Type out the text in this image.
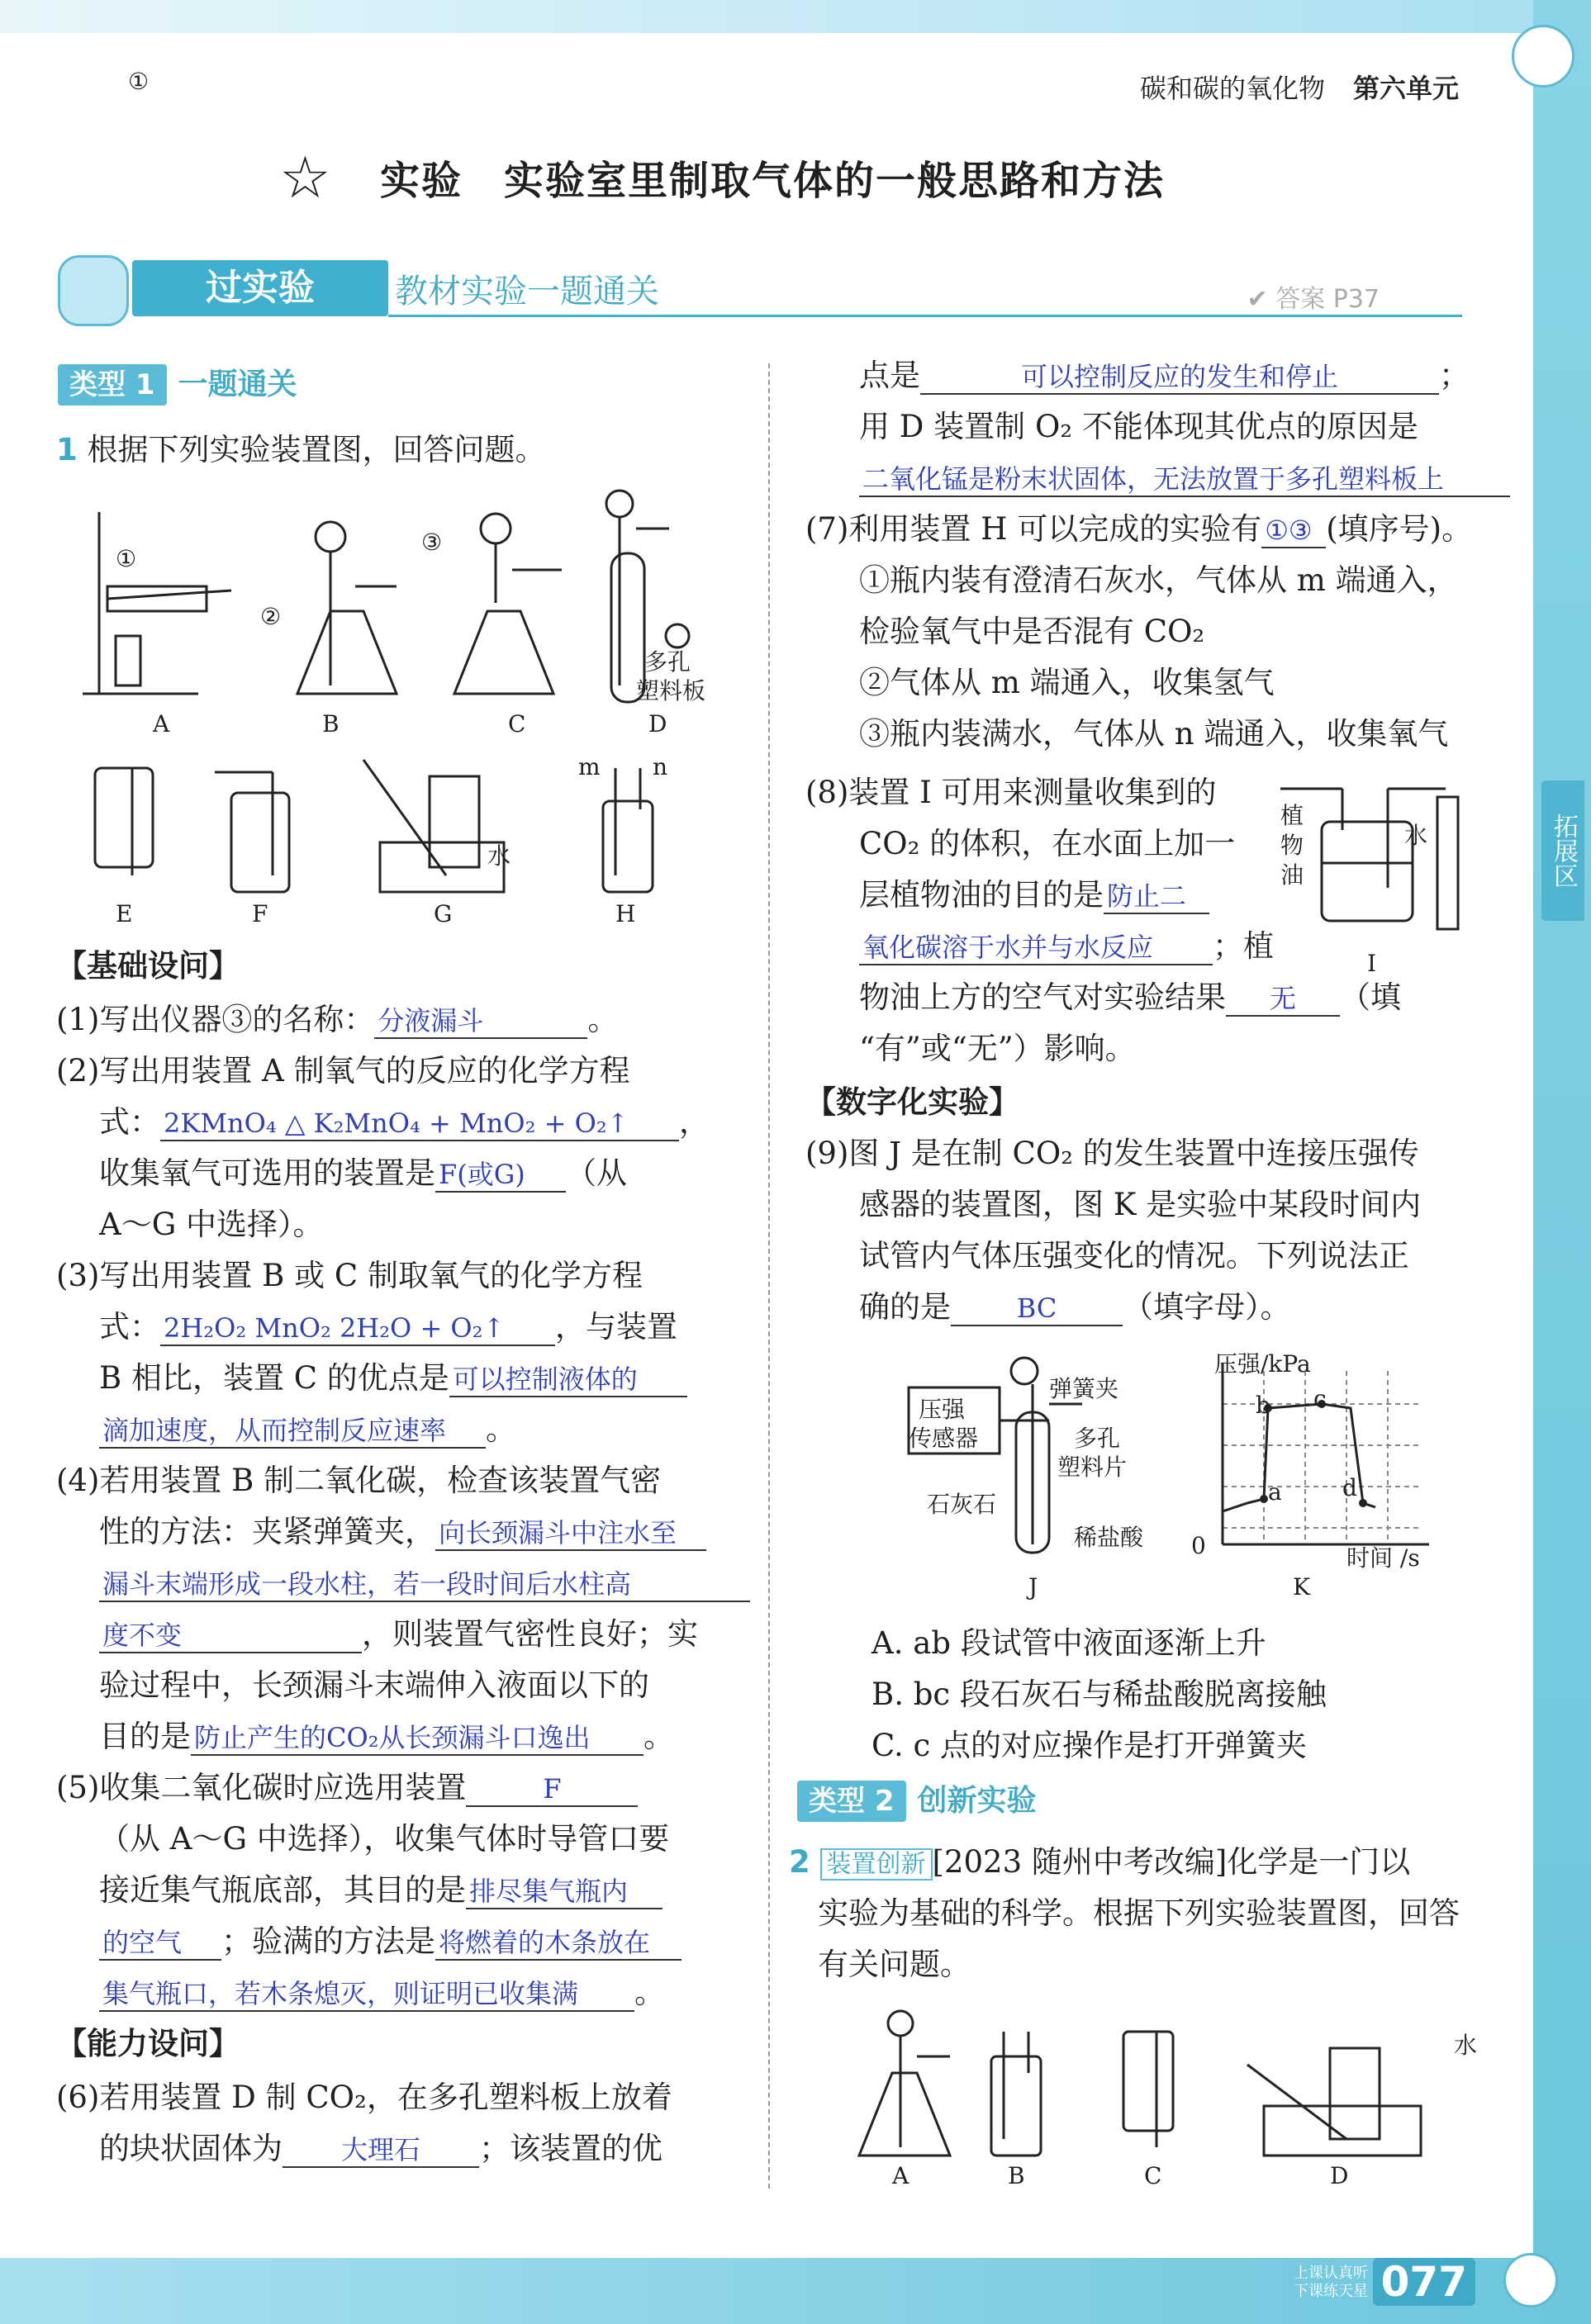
拓展区
碳和碳的氧化物 第六单元
☆ 实验　实验室里制取气体的一般思路和方法
过实验	教材实验一题通关	✔ 答案 P37
类型 1 一题通关
1 根据下列实验装置图，回答问题。
①
①
②
③
多孔
塑料板
A	B	C	D
水
m n
E	F	G	H
【基础设问】
(1)写出仪器③的名称： 分液漏斗	。
(2)写出用装置 A 制氧气的反应的化学方程
式： 2KMnO₄ △ K₂MnO₄ + MnO₂ + O₂↑ ，
收集氧气可选用的装置是 F(或G) （从
A～G 中选择）。
(3)写出用装置 B 或 C 制取氧气的化学方程
式： 2H₂O₂ MnO₂ 2H₂O + O₂↑ ，与装置
B 相比，装置 C 的优点是 可以控制液体的
滴加速度，从而控制反应速率 。
(4)若用装置 B 制二氧化碳，检查该装置气密
性的方法：夹紧弹簧夹， 向长颈漏斗中注水至
漏斗末端形成一段水柱，若一段时间后水柱高
度不变	，则装置气密性良好；实
验过程中，长颈漏斗末端伸入液面以下的
目的是 防止产生的CO₂从长颈漏斗口逸出 。
(5)收集二氧化碳时应选用装置	F
（从 A～G 中选择），收集气体时导管口要
接近集气瓶底部，其目的是 排尽集气瓶内
的空气 ；验满的方法是 将燃着的木条放在
集气瓶口，若木条熄灭，则证明已收集满 。
【能力设问】
(6)若用装置 D 制 CO₂，在多孔塑料板上放着
的块状固体为 大理石 ；该装置的优
点是	可以控制反应的发生和停止	；
用 D 装置制 O₂ 不能体现其优点的原因是
二氧化锰是粉末状固体，无法放置于多孔塑料板上
(7)利用装置 H 可以完成的实验有 ①③ (填序号)。
①瓶内装有澄清石灰水，气体从 m 端通入，
检验氧气中是否混有 CO₂
②气体从 m 端通入，收集氢气
③瓶内装满水，气体从 n 端通入，收集氧气
(8)装置 I 可用来测量收集到的
CO₂ 的体积，在水面上加一
层植物油的目的是 防止二
氧化碳溶于水并与水反应 ；植
物油上方的空气对实验结果 无 （填
“有”或“无”）影响。
植物油
水
I
【数字化实验】
(9)图 J 是在制 CO₂ 的发生装置中连接压强传
感器的装置图，图 K 是实验中某段时间内
试管内气体压强变化的情况。下列说法正
确的是 BC （填字母）。
压强
传感器
弹簧夹
多孔
塑料片
石灰石
稀盐酸
J
压强/kPa
时间 /s
0
a
b c
d
K
A. ab 段试管中液面逐渐上升
B. bc 段石灰石与稀盐酸脱离接触
C. c 点的对应操作是打开弹簧夹
类型 2 创新实验
2 装置创新 [2023 随州中考改编]化学是一门以
实验为基础的科学。根据下列实验装置图，回答
有关问题。
水
A	B	C	D
上课认真听
下课练天星 077
